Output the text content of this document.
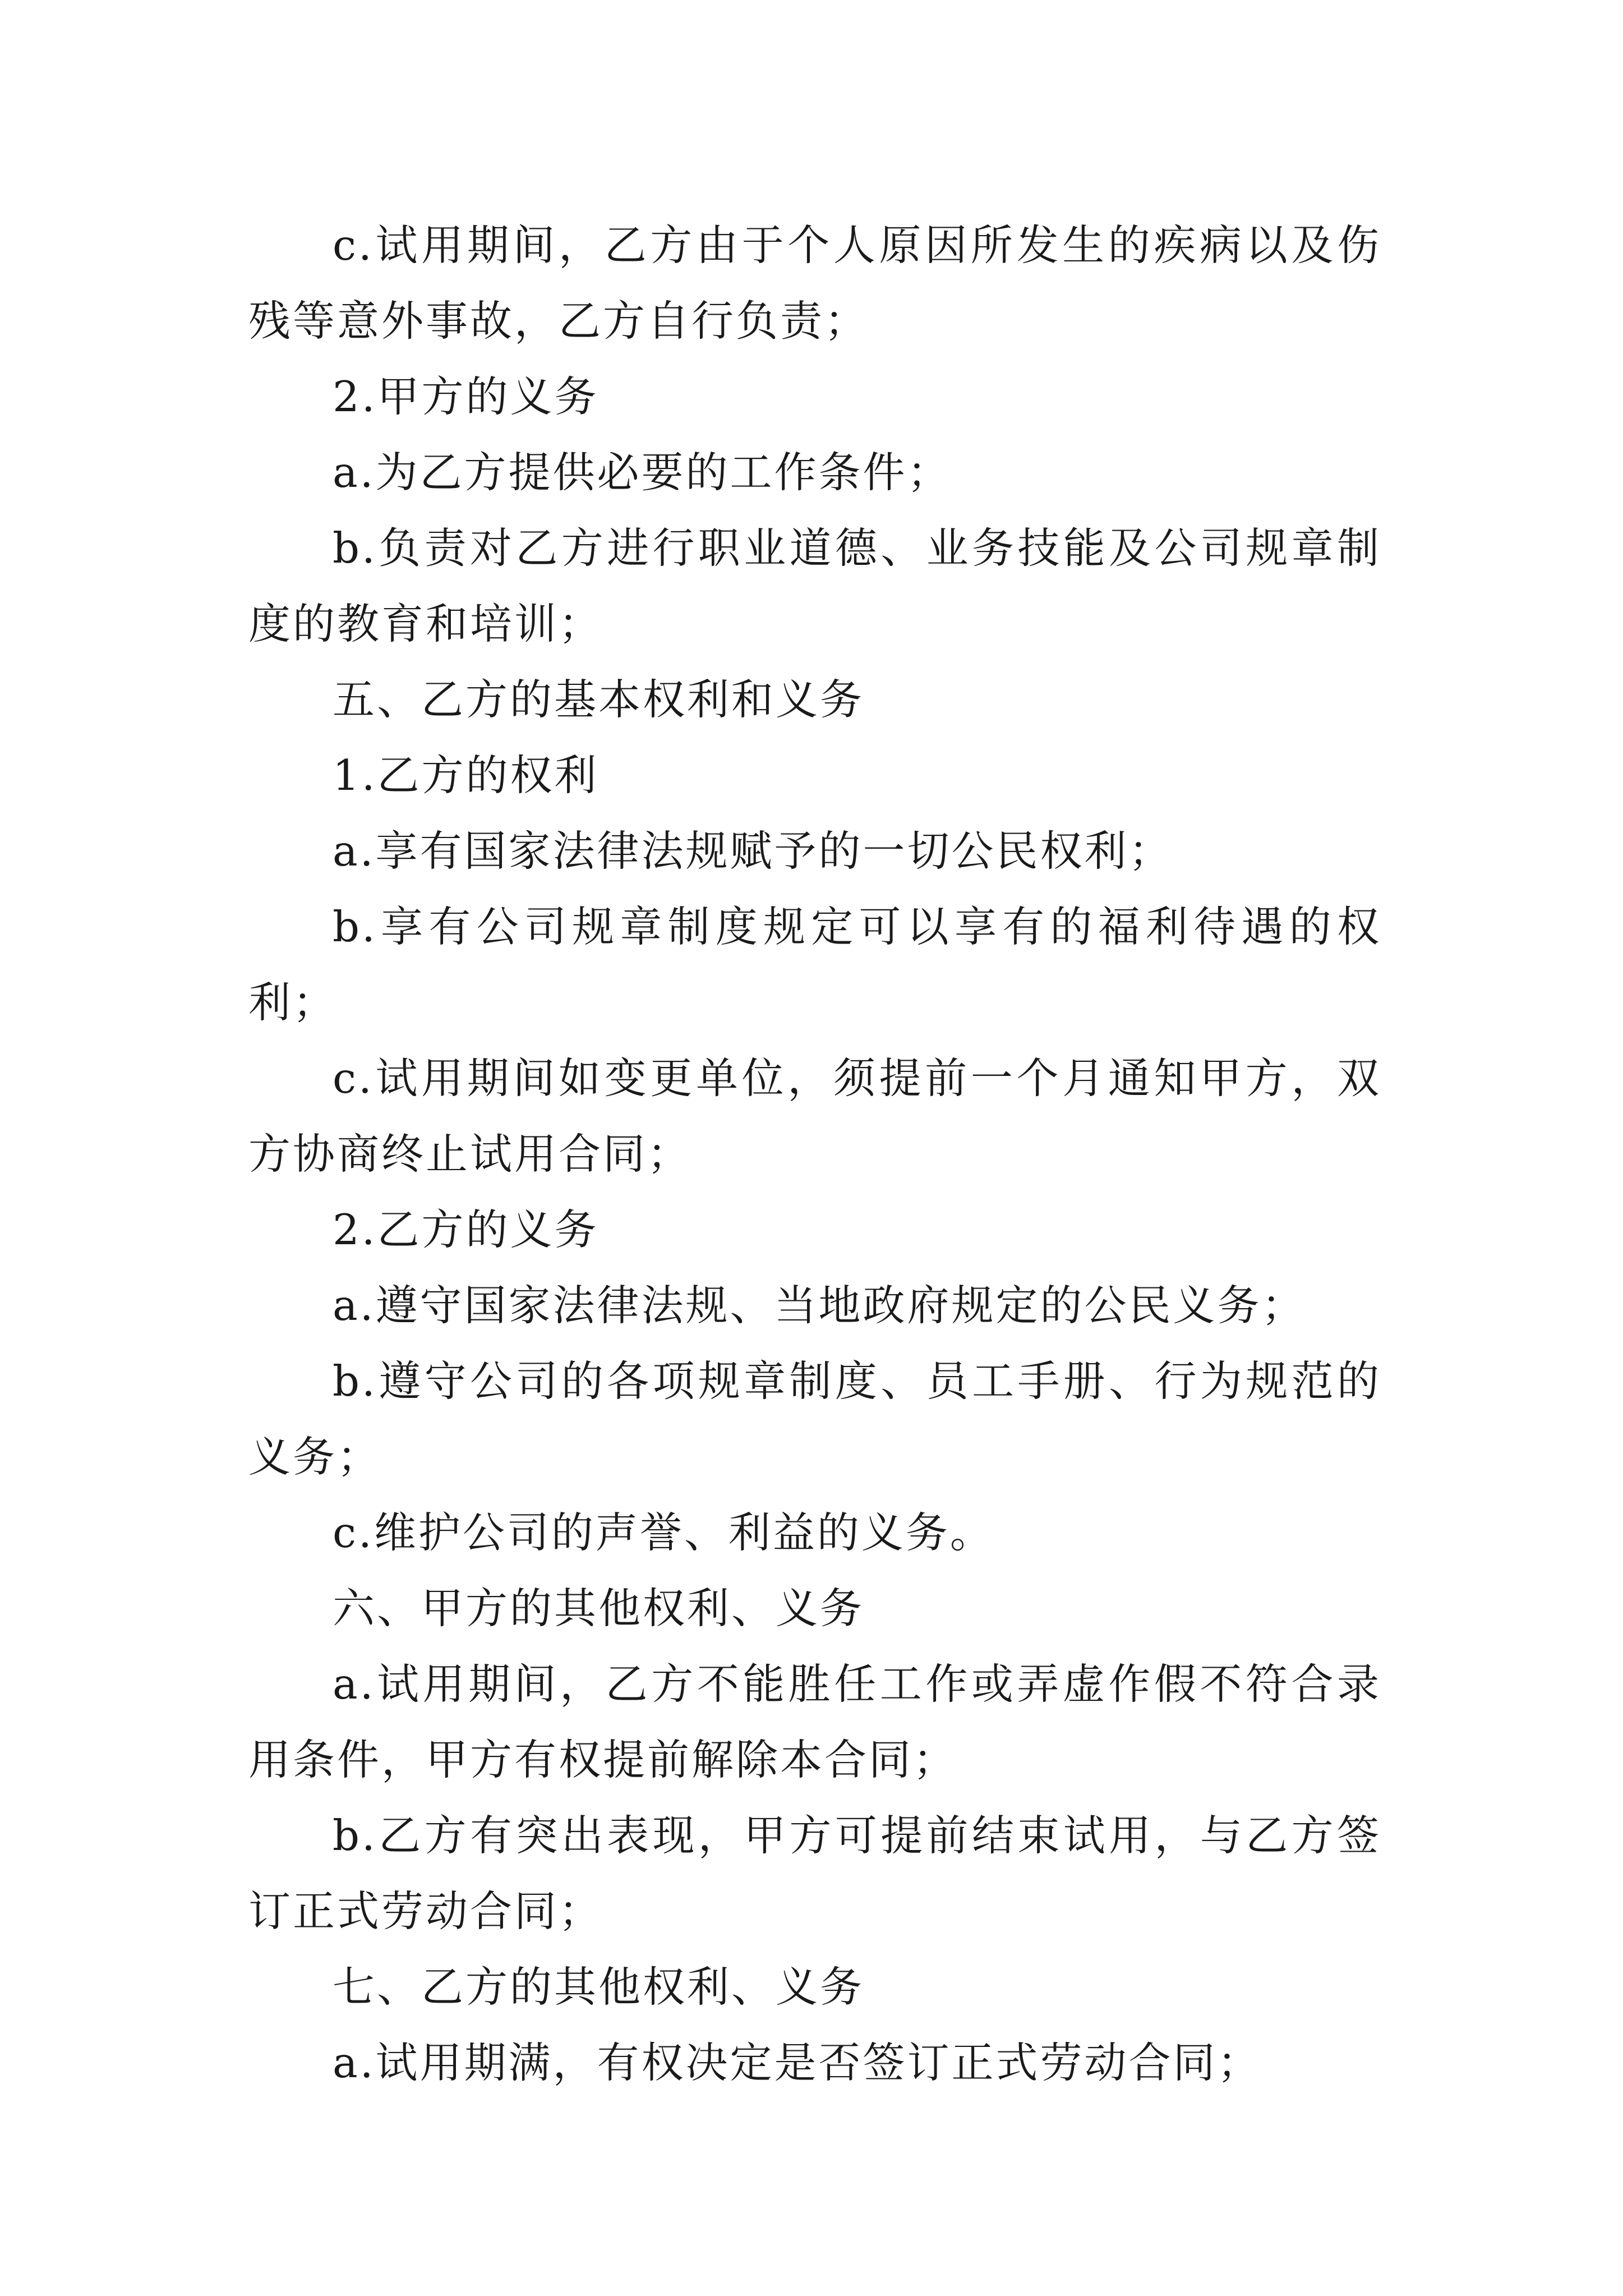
c.试用期间，乙方由于个人原因所发生的疾病以及伤残等意外事故，乙方自行负责；

2.甲方的义务

a.为乙方提供必要的工作条件；

b.负责对乙方进行职业道德、业务技能及公司规章制度的教育和培训；

五、乙方的基本权利和义务

1.乙方的权利

a.享有国家法律法规赋予的一切公民权利；

b.享有公司规章制度规定可以享有的福利待遇的权利；

c.试用期间如变更单位，须提前一个月通知甲方，双方协商终止试用合同；

2.乙方的义务

a.遵守国家法律法规、当地政府规定的公民义务；

b.遵守公司的各项规章制度、员工手册、行为规范的义务；

c.维护公司的声誉、利益的义务。

六、甲方的其他权利、义务

a.试用期间，乙方不能胜任工作或弄虚作假不符合录用条件，甲方有权提前解除本合同；

b.乙方有突出表现，甲方可提前结束试用，与乙方签订正式劳动合同；

七、乙方的其他权利、义务

a.试用期满，有权决定是否签订正式劳动合同；
